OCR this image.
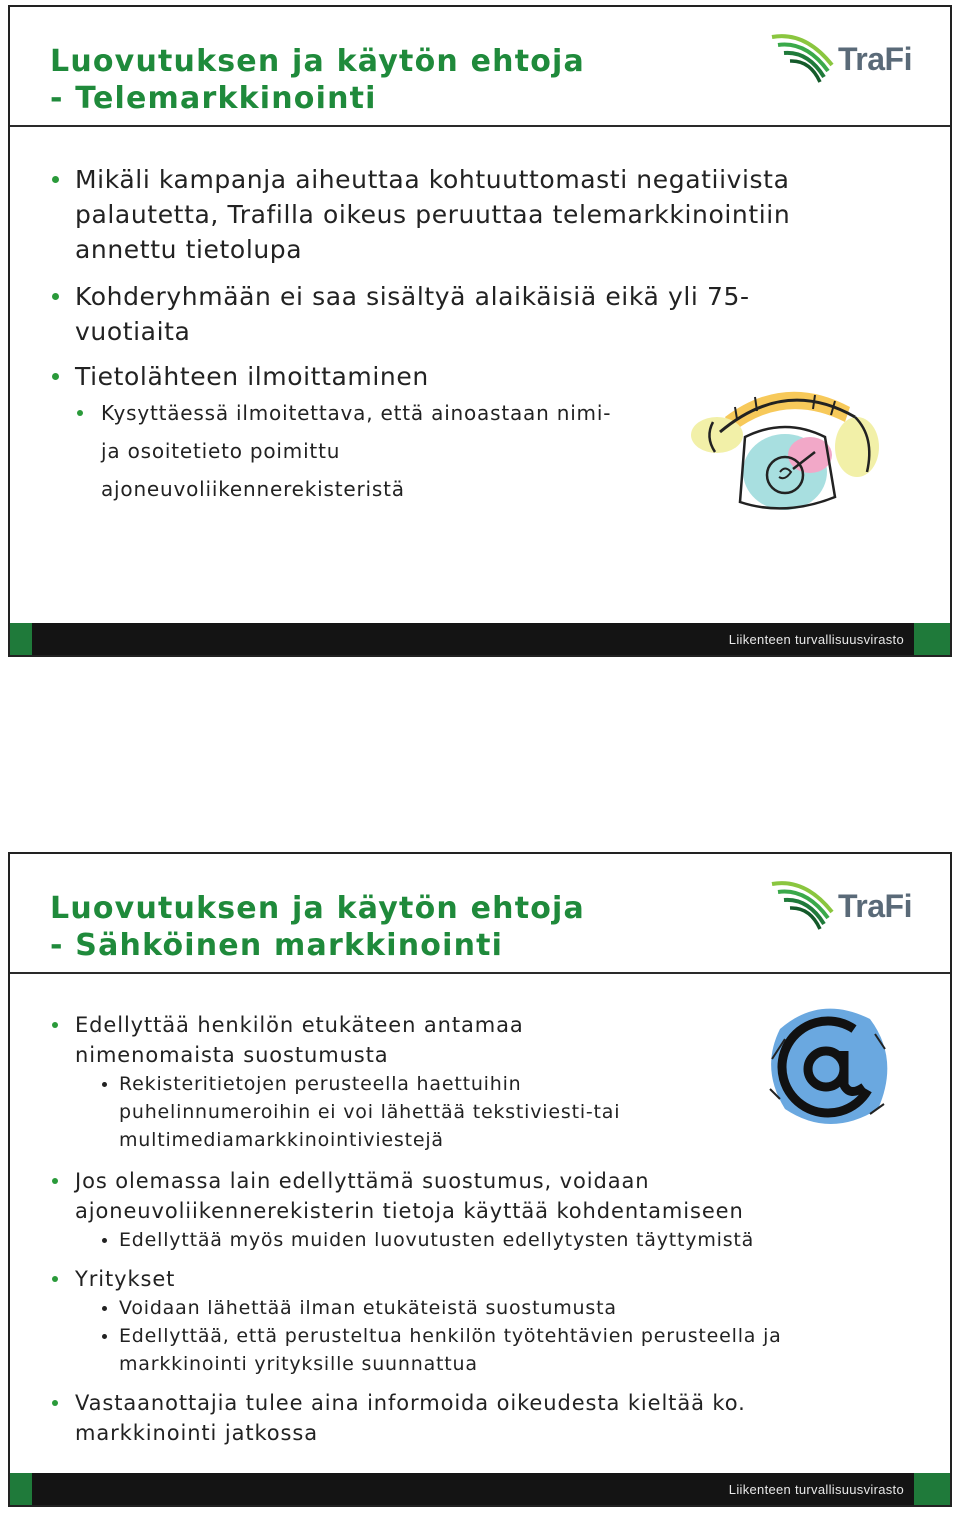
Luovutuksen ja käytön ehtoja
- Telemarkkinointi
TraFi
Mikäli kampanja aiheuttaa kohtuuttomasti negatiivista palautetta, Trafilla oikeus peruuttaa telemarkkinointiin annettu tietolupa
Kohderyhmään ei saa sisältyä alaikäisiä eikä yli 75-vuotiaita
Tietolähteen ilmoittaminen
Kysyttäessä ilmoitettava, että ainoastaan nimi- ja osoitetieto poimittu ajoneuvoliikennerekisteristä
Liikenteen turvallisuusvirasto
Luovutuksen ja käytön ehtoja
- Sähköinen markkinointi
TraFi
Edellyttää henkilön etukäteen antamaa nimenomaista suostumusta
Rekisteritietojen perusteella haettuihin puhelinnumeroihin ei voi lähettää tekstiviesti-tai multimediamarkkinointiviestejä
Jos olemassa lain edellyttämä suostumus, voidaan ajoneuvoliikennerekisterin tietoja käyttää kohdentamiseen
Edellyttää myös muiden luovutusten edellytysten täyttymistä
Yritykset
Voidaan lähettää ilman etukäteistä suostumusta
Edellyttää, että perusteltua henkilön työtehtävien perusteella ja markkinointi yrityksille suunnattua
Vastaanottajia tulee aina informoida oikeudesta kieltää ko. markkinointi jatkossa
Liikenteen turvallisuusvirasto
